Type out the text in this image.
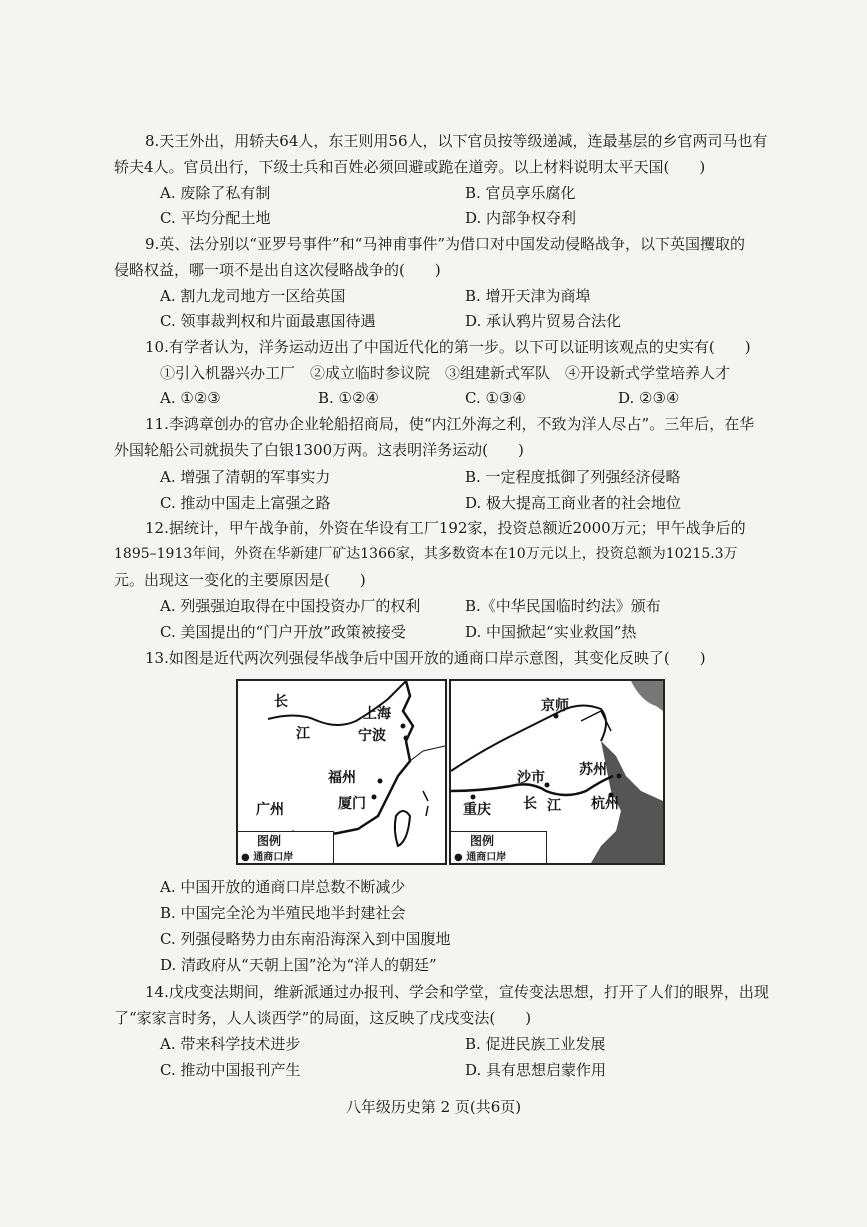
8.天王外出，用轿夫64人，东王则用56人，以下官员按等级递减，连最基层的乡官两司马也有
轿夫4人。官员出行，下级士兵和百姓必须回避或跪在道旁。以上材料说明太平天国(　　)
A. 废除了私有制	B. 官员享乐腐化
C. 平均分配土地	D. 内部争权夺利
9.英、法分别以“亚罗号事件”和“马神甫事件”为借口对中国发动侵略战争，以下英国攫取的
侵略权益，哪一项不是出自这次侵略战争的(　　)
A. 割九龙司地方一区给英国	B. 增开天津为商埠
C. 领事裁判权和片面最惠国待遇	D. 承认鸦片贸易合法化
10.有学者认为，洋务运动迈出了中国近代化的第一步。以下可以证明该观点的史实有(　　)
①引入机器兴办工厂　②成立临时参议院　③组建新式军队　④开设新式学堂培养人才
A. ①②③	B. ①②④	C. ①③④	D. ②③④
11.李鸿章创办的官办企业轮船招商局，使“内江外海之利，不致为洋人尽占”。三年后，在华
外国轮船公司就损失了白银1300万两。这表明洋务运动(　　)
A. 增强了清朝的军事实力	B. 一定程度抵御了列强经济侵略
C. 推动中国走上富强之路	D. 极大提高工商业者的社会地位
12.据统计，甲午战争前，外资在华设有工厂192家，投资总额近2000万元；甲午战争后的
1895–1913年间，外资在华新建厂矿达1366家，其多数资本在10万元以上，投资总额为10215.3万
元。出现这一变化的主要原因是(　　)
A. 列强强迫取得在中国投资办厂的权利	B.《中华民国临时约法》颁布
C. 美国提出的“门户开放”政策被接受	D. 中国掀起“实业救国”热
13.如图是近代两次列强侵华战争后中国开放的通商口岸示意图，其变化反映了(　　)
长
江
上海
宁波
福州
厦门
广州
图例
● 通商口岸
京师
沙市 苏州
重庆 长 江 杭州
图例
● 通商口岸
A. 中国开放的通商口岸总数不断减少
B. 中国完全沦为半殖民地半封建社会
C. 列强侵略势力由东南沿海深入到中国腹地
D. 清政府从“天朝上国”沦为“洋人的朝廷”
14.戊戌变法期间，维新派通过办报刊、学会和学堂，宣传变法思想，打开了人们的眼界，出现
了“家家言时务，人人谈西学”的局面，这反映了戊戌变法(　　)
A. 带来科学技术进步	B. 促进民族工业发展
C. 推动中国报刊产生	D. 具有思想启蒙作用
八年级历史第 2 页(共6页)
